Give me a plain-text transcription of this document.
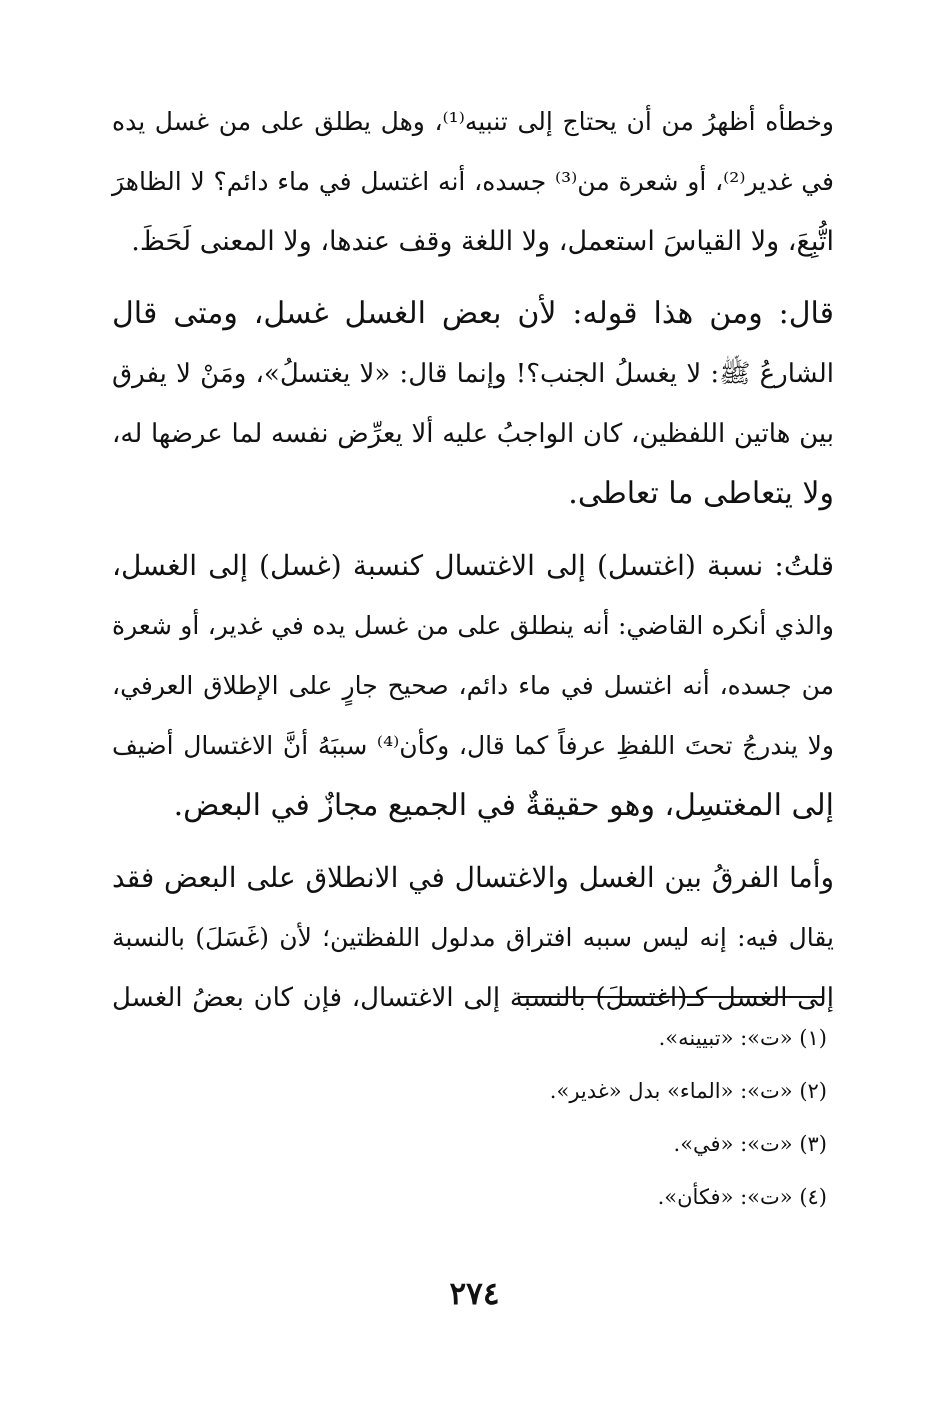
وخطأه أظهرُ من أن يحتاج إلى تنبيه⁽¹⁾، وهل يطلق على من غسل يده
في غدير⁽²⁾، أو شعرة من⁽³⁾ جسده، أنه اغتسل في ماء دائم؟ لا الظاهرَ
اتُّبِعَ، ولا القياسَ استعمل، ولا اللغة وقف عندها، ولا المعنى لَحَظَ.
قال: ومن هذا قوله: لأن بعض الغسل غسل، ومتى قال
الشارعُ ﷺ: لا يغسلُ الجنب؟! وإنما قال: «لا يغتسلُ»، ومَنْ لا يفرق
بين هاتين اللفظين، كان الواجبُ عليه ألا يعرِّض نفسه لما عرضها له،
ولا يتعاطى ما تعاطى.
قلتُ: نسبة (اغتسل) إلى الاغتسال كنسبة (غسل) إلى الغسل،
والذي أنكره القاضي: أنه ينطلق على من غسل يده في غدير، أو شعرة
من جسده، أنه اغتسل في ماء دائم، صحيح جارٍ على الإطلاق العرفي،
ولا يندرجُ تحتَ اللفظِ عرفاً كما قال، وكأن⁽⁴⁾ سببَهُ أنَّ الاغتسال أضيف
إلى المغتسِل، وهو حقيقةٌ في الجميع مجازٌ في البعض.
وأما الفرقُ بين الغسل والاغتسال في الانطلاق على البعض فقد
يقال فيه: إنه ليس سببه افتراق مدلول اللفظتين؛ لأن (غَسَلَ) بالنسبة
إلى الغسل كـ(اغتسلَ) بالنسبة إلى الاغتسال، فإن كان بعضُ الغسل
(١) «ت»: «تبيينه».
(٢) «ت»: «الماء» بدل «غدير».
(٣) «ت»: «في».
(٤) «ت»: «فكأن».
٢٧٤
